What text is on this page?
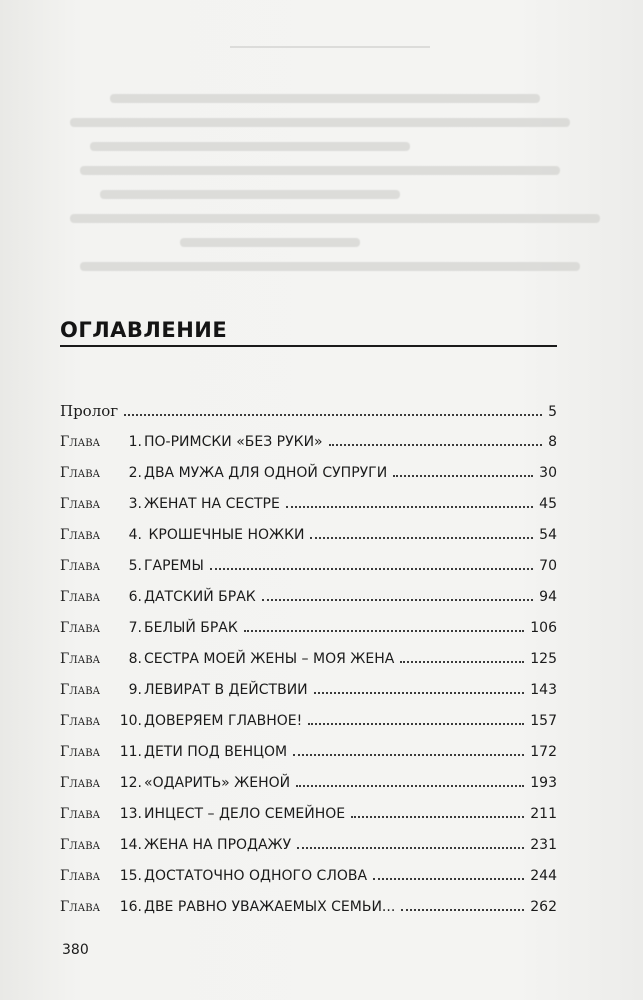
ОГЛАВЛЕНИЕ
Пролог	5
Глава	1. ПО-РИМСКИ «БЕЗ РУКИ»	8
Глава	2. ДВА МУЖА ДЛЯ ОДНОЙ СУПРУГИ	30
Глава	3. ЖЕНАТ НА СЕСТРЕ	45
Глава	4. КРОШЕЧНЫЕ НОЖКИ	54
Глава	5. ГАРЕМЫ	70
Глава	6. ДАТСКИЙ БРАК	94
Глава	7. БЕЛЫЙ БРАК	106
Глава	8. СЕСТРА МОЕЙ ЖЕНЫ – МОЯ ЖЕНА	125
Глава	9. ЛЕВИРАТ В ДЕЙСТВИИ	143
Глава	10. ДОВЕРЯЕМ ГЛАВНОЕ!	157
Глава	11. ДЕТИ ПОД ВЕНЦОМ	172
Глава	12. «ОДАРИТЬ» ЖЕНОЙ	193
Глава	13. ИНЦЕСТ – ДЕЛО СЕМЕЙНОЕ	211
Глава	14. ЖЕНА НА ПРОДАЖУ	231
Глава	15. ДОСТАТОЧНО ОДНОГО СЛОВА	244
Глава	16. ДВЕ РАВНО УВАЖАЕМЫХ СЕМЬИ...	262
380
